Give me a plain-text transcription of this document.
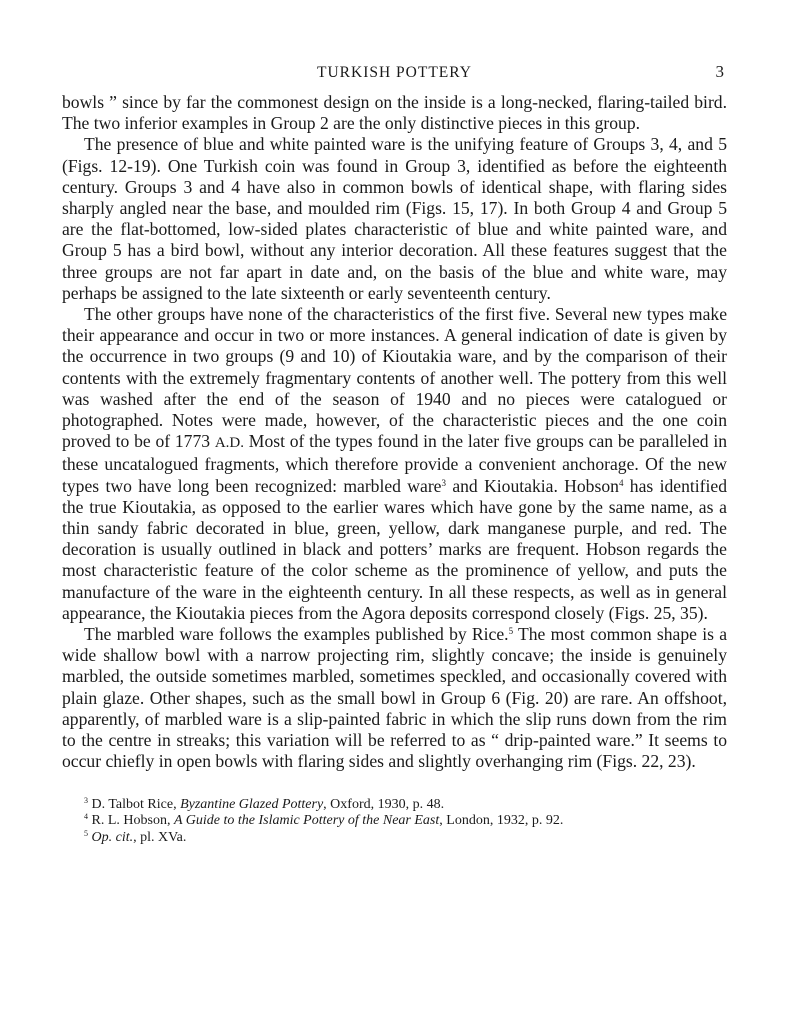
TURKISH POTTERY	3

bowls ” since by far the commonest design on the inside is a long-necked, flaring-tailed bird. The two inferior examples in Group 2 are the only distinctive pieces in this group.

The presence of blue and white painted ware is the unifying feature of Groups 3, 4, and 5 (Figs. 12-19). One Turkish coin was found in Group 3, identified as before the eighteenth century. Groups 3 and 4 have also in common bowls of identical shape, with flaring sides sharply angled near the base, and moulded rim (Figs. 15, 17). In both Group 4 and Group 5 are the flat-bottomed, low-sided plates characteristic of blue and white painted ware, and Group 5 has a bird bowl, without any interior decoration. All these features suggest that the three groups are not far apart in date and, on the basis of the blue and white ware, may perhaps be assigned to the late sixteenth or early seventeenth century.

The other groups have none of the characteristics of the first five. Several new types make their appearance and occur in two or more instances. A general indication of date is given by the occurrence in two groups (9 and 10) of Kioutakia ware, and by the comparison of their contents with the extremely fragmentary contents of another well. The pottery from this well was washed after the end of the season of 1940 and no pieces were catalogued or photographed. Notes were made, however, of the characteristic pieces and the one coin proved to be of 1773 A.D. Most of the types found in the later five groups can be paralleled in these uncatalogued fragments, which therefore provide a convenient anchorage. Of the new types two have long been recognized: marbled ware$^3$ and Kioutakia. Hobson$^4$ has identified the true Kioutakia, as opposed to the earlier wares which have gone by the same name, as a thin sandy fabric decorated in blue, green, yellow, dark manganese purple, and red. The decoration is usually outlined in black and potters’ marks are frequent. Hobson regards the most characteristic feature of the color scheme as the prominence of yellow, and puts the manufacture of the ware in the eighteenth century. In all these respects, as well as in general appearance, the Kioutakia pieces from the Agora deposits correspond closely (Figs. 25, 35).

The marbled ware follows the examples published by Rice.$^5$ The most common shape is a wide shallow bowl with a narrow projecting rim, slightly concave; the inside is genuinely marbled, the outside sometimes marbled, sometimes speckled, and occasionally covered with plain glaze. Other shapes, such as the small bowl in Group 6 (Fig. 20) are rare. An offshoot, apparently, of marbled ware is a slip-painted fabric in which the slip runs down from the rim to the centre in streaks; this variation will be referred to as “ drip-painted ware.” It seems to occur chiefly in open bowls with flaring sides and slightly overhanging rim (Figs. 22, 23).

$^3$ D. Talbot Rice, Byzantine Glazed Pottery, Oxford, 1930, p. 48.

$^4$ R. L. Hobson, A Guide to the Islamic Pottery of the Near East, London, 1932, p. 92.

$^5$ Op. cit., pl. XVa.
